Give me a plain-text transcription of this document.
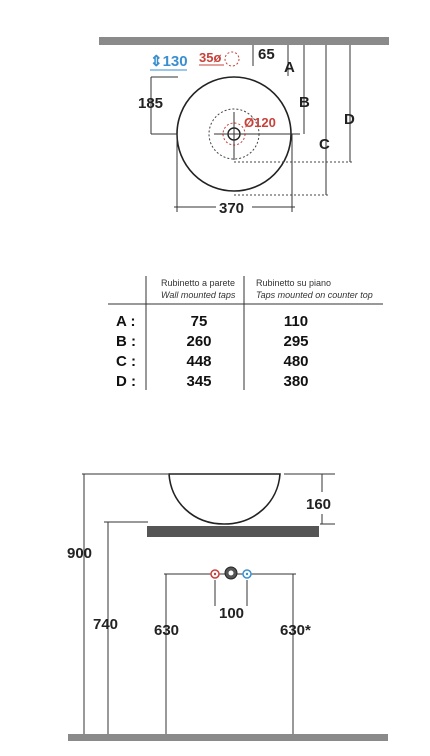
⇕130 35ø 65
185
Ø120
370
A
B
C
D
Rubinetto a parete
Wall mounted taps
Rubinetto su piano
Taps mounted on counter top
A :	75	110
B :	260	295
C :	448	480
D :	345	380
160
900
740 630	630*
100
